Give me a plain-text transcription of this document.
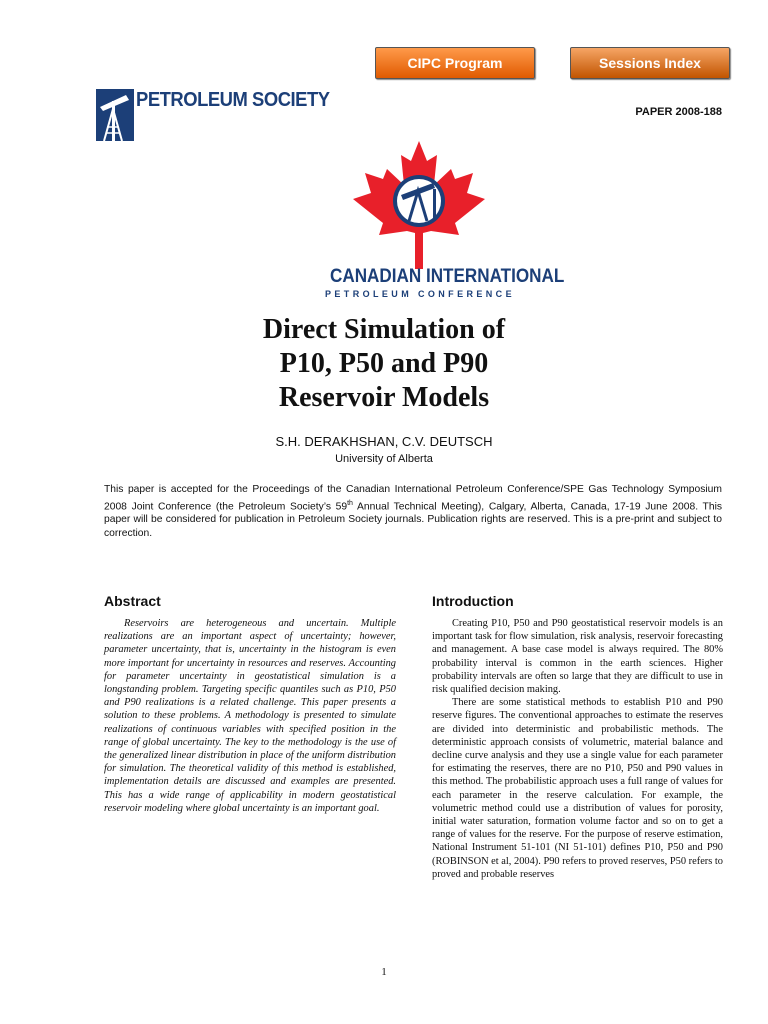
CIPC Program	Sessions Index
PETROLEUM SOCIETY
PAPER 2008-188
CANADIAN INTERNATIONAL
PETROLEUM CONFERENCE
Direct Simulation of
P10, P50 and P90
Reservoir Models
S.H. DERAKHSHAN, C.V. DEUTSCH
University of Alberta
This paper is accepted for the Proceedings of the Canadian International Petroleum Conference/SPE Gas Technology Symposium 2008 Joint Conference (the Petroleum Society’s 59th Annual Technical Meeting), Calgary, Alberta, Canada, 17-19 June 2008. This paper will be considered for publication in Petroleum Society journals. Publication rights are reserved. This is a pre-print and subject to correction.
Abstract

Reservoirs are heterogeneous and uncertain. Multiple realizations are an important aspect of uncertainty; however, parameter uncertainty, that is, uncertainty in the histogram is even more important for uncertainty in resources and reserves. Accounting for parameter uncertainty in geostatistical simulation is a longstanding problem. Targeting specific quantiles such as P10, P50 and P90 realizations is a related challenge. This paper presents a solution to these problems. A methodology is presented to simulate realizations of continuous variables with specified position in the range of global uncertainty. The key to the methodology is the use of the generalized linear distribution in place of the uniform distribution for simulation. The theoretical validity of this method is established, implementation details are discussed and examples are presented. This has a wide range of applicability in modern geostatistical reservoir modeling where global uncertainty is an important goal.

Introduction

Creating P10, P50 and P90 geostatistical reservoir models is an important task for flow simulation, risk analysis, reservoir forecasting and management. A base case model is always required. The 80% probability interval is common in the earth sciences. Higher probability intervals are often so large that they are difficult to use in risk qualified decision making.

There are some statistical methods to establish P10 and P90 reserve figures. The conventional approaches to estimate the reserves are divided into deterministic and probabilistic methods. The deterministic approach consists of volumetric, material balance and decline curve analysis and they use a single value for each parameter for estimating the reserves, there are no P10, P50 and P90 values in this method. The probabilistic approach uses a full range of values for each parameter in the reserve calculation. For example, the volumetric method could use a distribution of values for porosity, initial water saturation, formation volume factor and so on to get a range of values for the reserve. For the purpose of reserve estimation, National Instrument 51-101 (NI 51-101) defines P10, P50 and P90 (ROBINSON et al, 2004). P90 refers to proved reserves, P50 refers to proved and probable reserves

1
